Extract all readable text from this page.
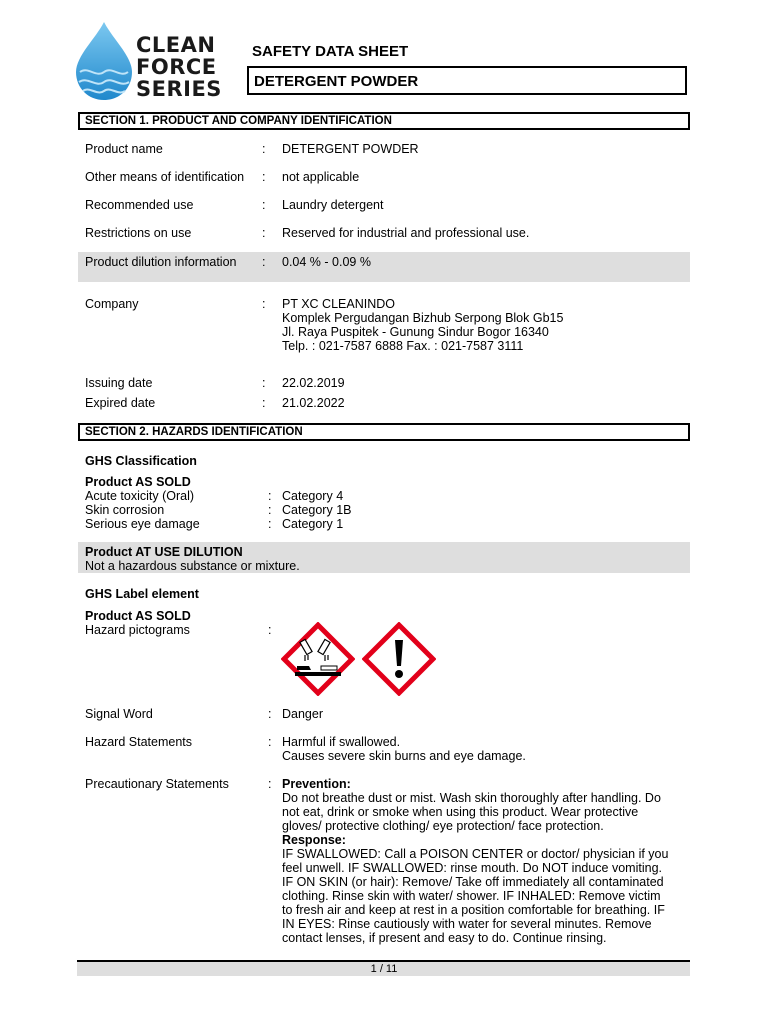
CLEAN
FORCE
SERIES
SAFETY DATA SHEET
DETERGENT POWDER
SECTION 1. PRODUCT AND COMPANY IDENTIFICATION
Product name	: DETERGENT POWDER
Other means of identification : not applicable
Recommended use	: Laundry detergent
Restrictions on use	: Reserved for industrial and professional use.
Product dilution information : 0.04 % - 0.09 %
Company	: PT XC CLEANINDO
Komplek Pergudangan Bizhub Serpong Blok Gb15
Jl. Raya Puspitek - Gunung Sindur Bogor 16340
Telp. : 021-7587 6888 Fax. : 021-7587 3111
Issuing date	: 22.02.2019
Expired date	: 21.02.2022
SECTION 2. HAZARDS IDENTIFICATION
GHS Classification
Product AS SOLD
Acute toxicity (Oral)	: Category 4
Skin corrosion	: Category 1B
Serious eye damage	: Category 1
Product AT USE DILUTION
Not a hazardous substance or mixture.
GHS Label element
Product AS SOLD
Hazard pictograms	:
Signal Word	: Danger
Hazard Statements	: Harmful if swallowed.
Causes severe skin burns and eye damage.
Precautionary Statements	: Prevention:
Do not breathe dust or mist. Wash skin thoroughly after handling. Do
not eat, drink or smoke when using this product. Wear protective
gloves/ protective clothing/ eye protection/ face protection.
Response:
IF SWALLOWED: Call a POISON CENTER or doctor/ physician if you
feel unwell. IF SWALLOWED: rinse mouth. Do NOT induce vomiting.
IF ON SKIN (or hair): Remove/ Take off immediately all contaminated
clothing. Rinse skin with water/ shower. IF INHALED: Remove victim
to fresh air and keep at rest in a position comfortable for breathing. IF
IN EYES: Rinse cautiously with water for several minutes. Remove
contact lenses, if present and easy to do. Continue rinsing.
1 / 11
